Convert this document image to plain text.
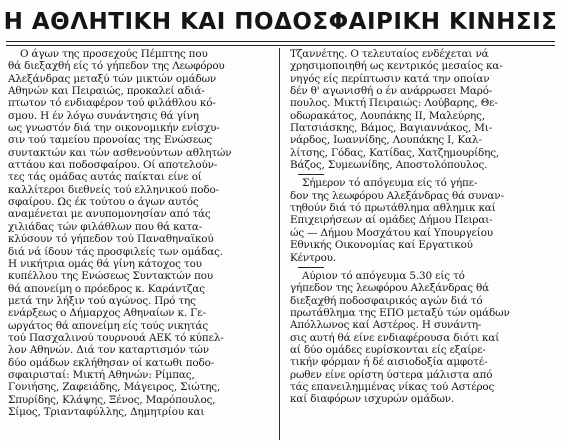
Η ΑΘΛΗΤΙΚΗ ΚΑΙ ΠΟΔΟΣΦΑΙΡΙΚΗ ΚΙΝΗΣΙΣ
Ο άγων της προσεχούς Πέμπτης που
θά διεξαχθή είς τό γήπεδον της Λεωφόρου
Αλεξάνδρας μεταξύ τών μικτών ομάδων
Αθηνών και Πειραιώς, προκαλεί αδιά-
πτωτον τό ενδιαφέρον τού φιλάθλου κό-
σμου. Η έν λόγω συνάντησις θά γίνη
ως γνωστόν διά την οικονομικήν ενίσχυ-
σιν τού ταμείου προνοίας της Ενώσεως
συντακτών και τών ασθενούντων αθλητών
αττάου και ποδοσφαίρου. Οί αποτελούν-
τες τάς ομάδας αυτάς παίκται είνε οί
καλλίτεροι διεθνείς τού ελληνικού ποδο-
σφαίρου. Ως έκ τούτου ο άγων αυτός
αναμένεται με ανυπομονησίαν από τάς
χιλιάδας τών φιλάθλων που θά κατα-
κλύσουν τό γήπεδον τού Παναθηναϊκού
διά νά ίδουν τάς προσφιλείς των ομάδας.
Η νικήτρια ομάς θά γίνη κάτοχος του
κυπέλλου της Ενώσεως Συντακτών που
θά απονείμη ο πρόεδρος κ. Καράντζας
μετά την λήξιν τού αγώνος. Πρό της
ενάρξεως ο Δήμαρχος Αθηναίων κ. Γε-
ωργάτος θά απονείμη είς τούς νικητάς
τού Πασχαλινού τουρνουά ΑΕΚ τό κύπελ-
λον Αθηνών. Διά τον καταρτισμόν τών
δύο ομάδων εκλήθησαν οί κατωθι ποδο-
σφαιρισταί: Μικτή Αθηνών: Ρίμπας,
Γονιήσης, Ζαφειάδης, Μάγειρος, Σιώτης,
Σπυρίδης, Κλάψης, Ξένος, Μαρόπουλος,
Σίμος, Τριανταφύλλης, Δημητρίου και
Τζαννέτης. Ο τελευταίος ενδέχεται νά
χρησιμοποιηθή ως κεντρικός μεσαίος κα-
νηγός είς περίπτωσιν κατά την οποίαν
δέν θ' αγωνισθή ο έν ανάρρωσει Μαρό-
πουλος. Μικτή Πειραιώς: Λούβαρης, Θε-
οδωρακάτος, Λουπάκης ΙΙ, Μαλεύρης,
Πατσιάσκης, Βάμος, Βαγιαννάκος, Μι-
νάρδος, Ιωαννίδης, Λουπάκης Ι, Καλ-
λίτσης, Γόδας, Κατίδας, Χατζημουρίδης,
Βάζος, Συμεωνίδης, Αποστολόπουλος.
Σήμερον τό απόγευμα είς τό γήπε-
δον της λεωφόρου Αλεξάνδρας θά συναν-
τηθούν διά τό πρωτάθλημα αθλημικ καί
Επιχειρήσεων αί ομάδες Δήμου Πειραι-
ώς — Δήμου Μοσχάτου καί Υπουργείου
Εθνικής Οικονομίας καί Εργατικού
Κέντρου.
Αύριον τό απόγευμα 5.30 είς τό
γήπεδον της λεωφόρου Αλεξάνδρας θά
διεξαχθή ποδοσφαιρικός αγών διά τό
πρωτάθλημα της ΕΠΟ μεταξύ τών ομάδων
Απόλλωνος καί Αστέρος. Η συνάντη-
σις αυτή θά είνε ενδιαφέρουσα διότι καί
αί δύο ομάδες ευρίσκονται είς εξαίρε-
τικήν φόρμαν ή δέ αισιοδοξία αμφοτέ-
ρωθεν είνε ορίστη ύστερα μάλιστα από
τάς επανειλημμένας νίκας τού Αστέρος
καί διαφόρων ισχυρών ομάδων.
